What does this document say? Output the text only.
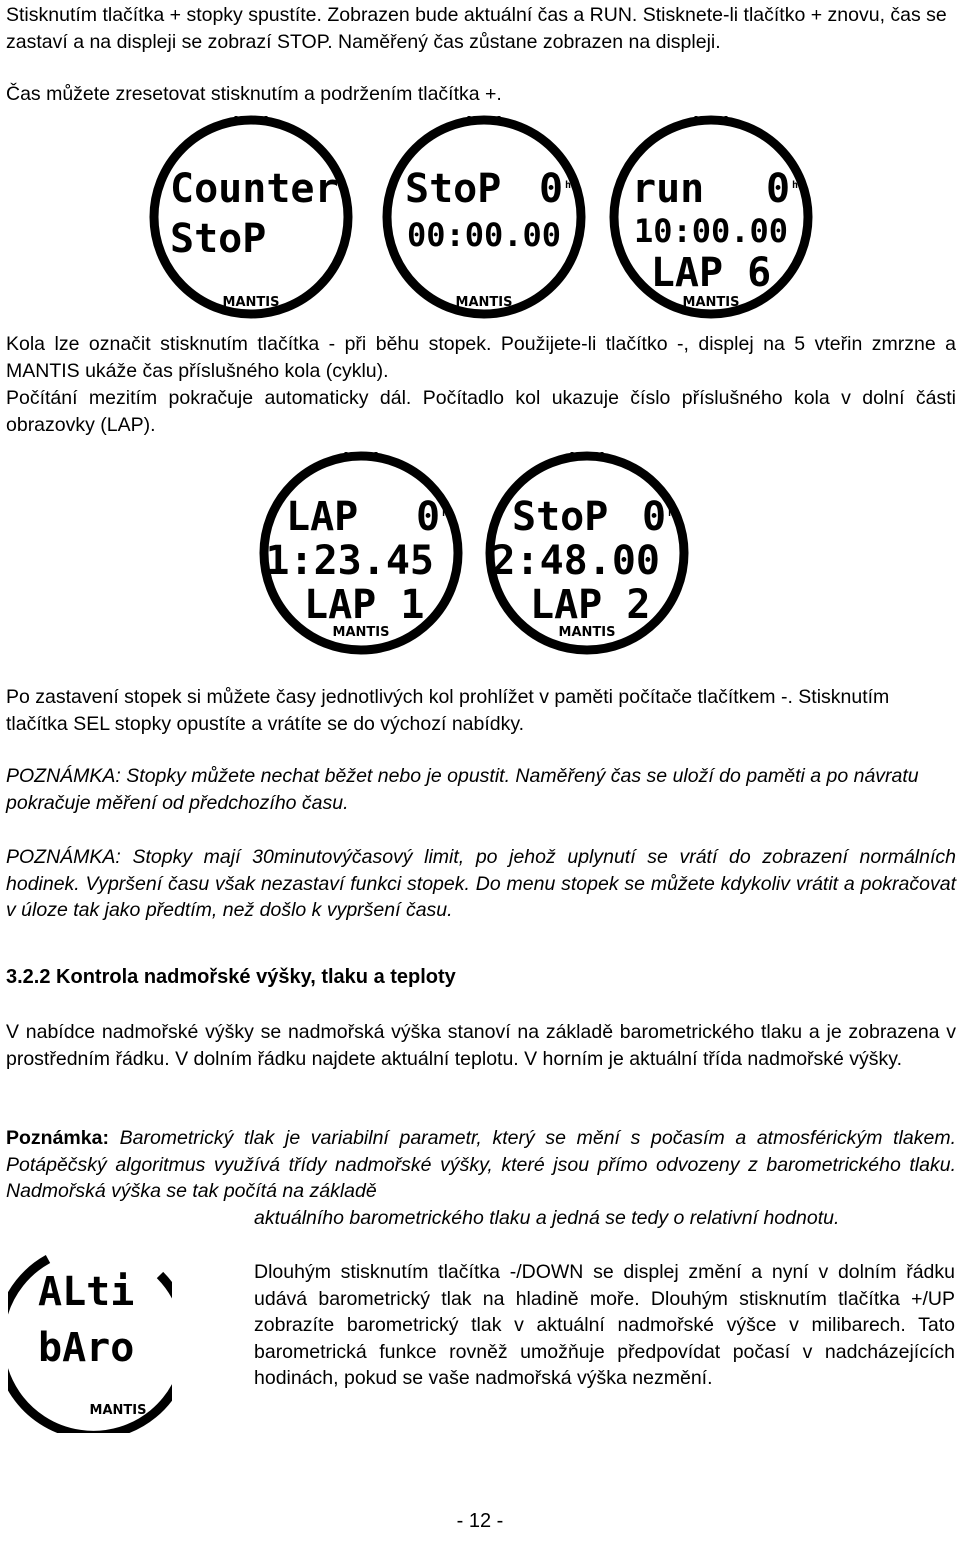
Stisknutím tlačítka + stopky spustíte. Zobrazen bude aktuální čas a RUN. Stisknete-li tlačítko + znovu, čas se zastaví a na displeji se zobrazí STOP. Naměřený čas zůstane zobrazen na displeji.

Čas můžete zresetovat stisknutím a podržením tlačítka +.

Counter
StoP
MANTIS
StoP 0 h
00:00.00
MANTIS
run 0 h
10:00.00
LAP 6
MANTIS

Kola lze označit stisknutím tlačítka - při běhu stopek. Použijete-li tlačítko -, displej na 5 vteřin zmrzne a MANTIS ukáže čas příslušného kola (cyklu).

Počítání mezitím pokračuje automaticky dál. Počítadlo kol ukazuje číslo příslušného kola v dolní části obrazovky (LAP).

LAP 0 h
1:23.45
LAP 1
MANTIS
StoP 0 h
2:48.00
LAP 2
MANTIS

Po zastavení stopek si můžete časy jednotlivých kol prohlížet v paměti počítače tlačítkem -. Stisknutím tlačítka SEL stopky opustíte a vrátíte se do výchozí nabídky.

POZNÁMKA: Stopky můžete nechat běžet nebo je opustit. Naměřený čas se uloží do paměti a po návratu pokračuje měření od předchozího času.

POZNÁMKA: Stopky mají 30minutovýčasový limit, po jehož uplynutí se vrátí do zobrazení normálních hodinek. Vypršení času však nezastaví funkci stopek. Do menu stopek se můžete kdykoliv vrátit a pokračovat v úloze tak jako předtím, než došlo k vypršení času.

3.2.2 Kontrola nadmořské výšky, tlaku a teploty

V nabídce nadmořské výšky se nadmořská výška stanoví na základě barometrického tlaku a je zobrazena v prostředním řádku. V dolním řádku najdete aktuální teplotu. V horním je aktuální třída nadmořské výšky.

Poznámka: Barometrický tlak je variabilní parametr, který se mění s počasím a atmosférickým tlakem. Potápěčský algoritmus využívá třídy nadmořské výšky, které jsou přímo odvozeny z barometrického tlaku. Nadmořská výška se tak počítá na základě

aktuálního barometrického tlaku a jedná se tedy o relativní hodnotu.

ALti
bAro
MANTIS

Dlouhým stisknutím tlačítka -/DOWN se displej změní a nyní v dolním řádku udává barometrický tlak na hladině moře. Dlouhým stisknutím tlačítka +/UP zobrazíte barometrický tlak v aktuální nadmořské výšce v milibarech. Tato barometrická funkce rovněž umožňuje předpovídat počasí v nadcházejících hodinách, pokud se vaše nadmořská výška nezmění.

- 12 -
